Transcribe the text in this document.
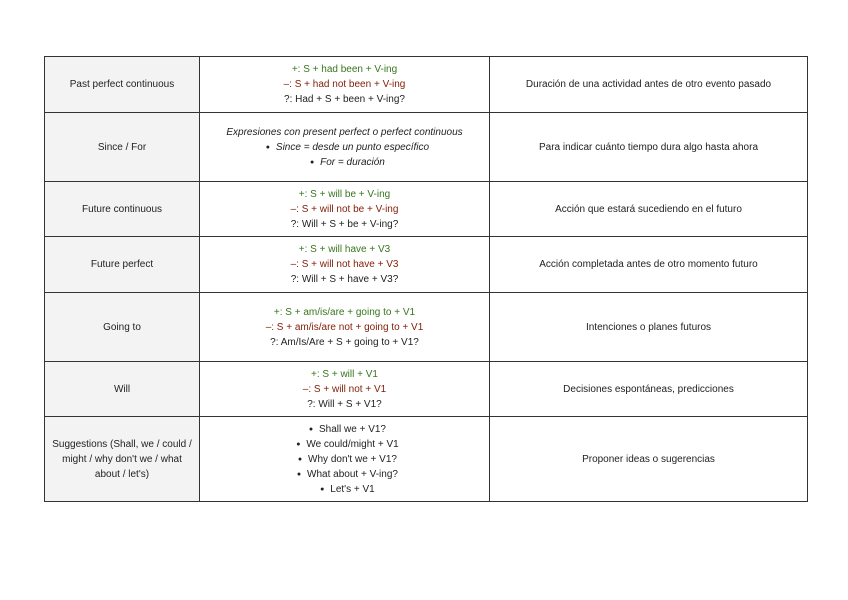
Past perfect continuous	+: S + had been + V-ing
–: S + had not been + V-ing
?: Had + S + been + V-ing?	Duración de una actividad antes de otro evento pasado
Since / For	Expresiones con present perfect o perfect continuous
● Since = desde un punto específico
● For = duración	Para indicar cuánto tiempo dura algo hasta ahora
Future continuous	+: S + will be + V-ing
–: S + will not be + V-ing
?: Will + S + be + V-ing?	Acción que estará sucediendo en el futuro
Future perfect	+: S + will have + V3
–: S + will not have + V3
?: Will + S + have + V3?	Acción completada antes de otro momento futuro
Going to	+: S + am/is/are + going to + V1
–: S + am/is/are not + going to + V1
?: Am/Is/Are + S + going to + V1?	Intenciones o planes futuros
Will	+: S + will + V1
–: S + will not + V1
?: Will + S + V1?	Decisiones espontáneas, predicciones

Suggestions (Shall, we / could / might / why don't we / what about / let's)	● Shall we + V1?
● We could/might + V1
● Why don't we + V1?
● What about + V-ing?
● Let's + V1	Proponer ideas o sugerencias
